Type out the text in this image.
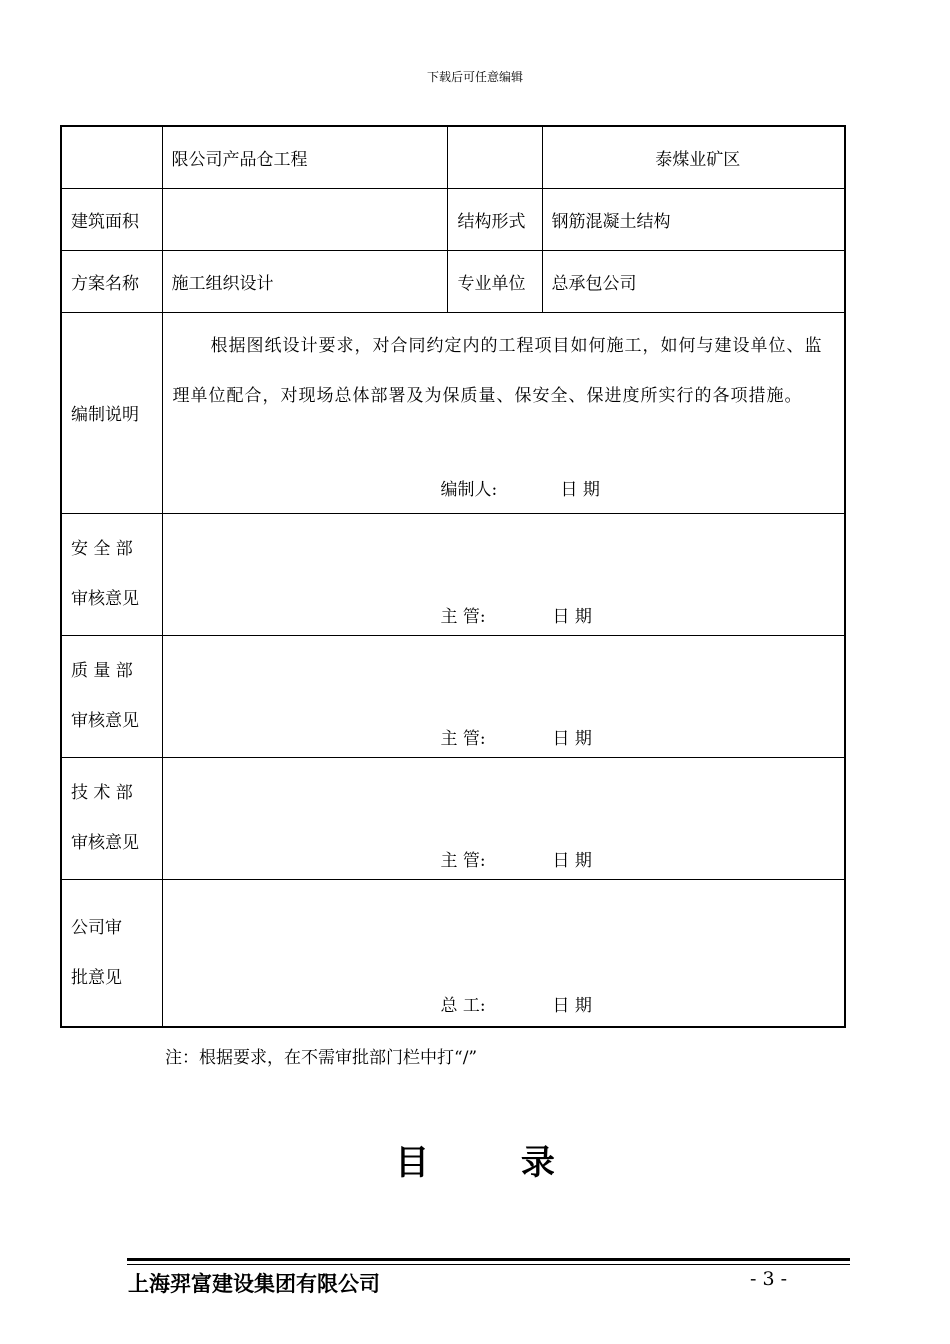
下载后可任意编辑
	限公司产品仓工程		泰煤业矿区
建筑面积		结构形式	钢筋混凝土结构
方案名称	施工组织设计	专业单位	总承包公司
编制说明	根据图纸设计要求，对合同约定内的工程项目如何施工，如何与建设单位、监理单位配合，对现场总体部署及为保质量、保安全、保进度所实行的各项措施。
编制人: 日 期		

安 全 部
审核意见	主 管: 日 期		

质 量 部
审核意见	主 管: 日 期		

技 术 部
审核意见	主 管: 日 期		

公司审
批意见	总 工: 日 期		
注：根据要求，在不需审批部门栏中打“/”
目 录
上海羿富建设集团有限公司	- 3 -
